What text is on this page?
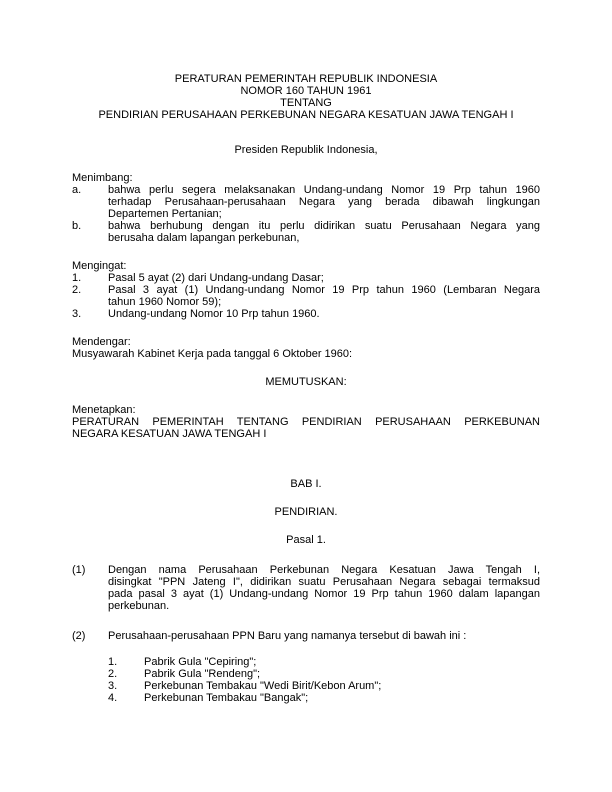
PERATURAN PEMERINTAH REPUBLIK INDONESIA
NOMOR 160 TAHUN 1961
TENTANG
PENDIRIAN PERUSAHAAN PERKEBUNAN NEGARA KESATUAN JAWA TENGAH I
Presiden Republik Indonesia,
Menimbang:
a. bahwa perlu segera melaksanakan Undang-undang Nomor 19 Prp tahun 1960
terhadap Perusahaan-perusahaan Negara yang berada dibawah lingkungan
Departemen Pertanian;
b. bahwa berhubung dengan itu perlu didirikan suatu Perusahaan Negara yang
berusaha dalam lapangan perkebunan,
Mengingat:
1. Pasal 5 ayat (2) dari Undang-undang Dasar;
2. Pasal 3 ayat (1) Undang-undang Nomor 19 Prp tahun 1960 (Lembaran Negara
tahun 1960 Nomor 59);
3. Undang-undang Nomor 10 Prp tahun 1960.
Mendengar:
Musyawarah Kabinet Kerja pada tanggal 6 Oktober 1960:
MEMUTUSKAN:
Menetapkan:
PERATURAN PEMERINTAH TENTANG PENDIRIAN PERUSAHAAN PERKEBUNAN
NEGARA KESATUAN JAWA TENGAH I
BAB I.
PENDIRIAN.
Pasal 1.
(1) Dengan nama Perusahaan Perkebunan Negara Kesatuan Jawa Tengah I,
disingkat "PPN Jateng I", didirikan suatu Perusahaan Negara sebagai termaksud
pada pasal 3 ayat (1) Undang-undang Nomor 19 Prp tahun 1960 dalam lapangan
perkebunan.
(2) Perusahaan-perusahaan PPN Baru yang namanya tersebut di bawah ini :
1. Pabrik Gula "Cepiring";
2. Pabrik Gula "Rendeng";
3. Perkebunan Tembakau "Wedi Birit/Kebon Arum";
4. Perkebunan Tembakau "Bangak";
